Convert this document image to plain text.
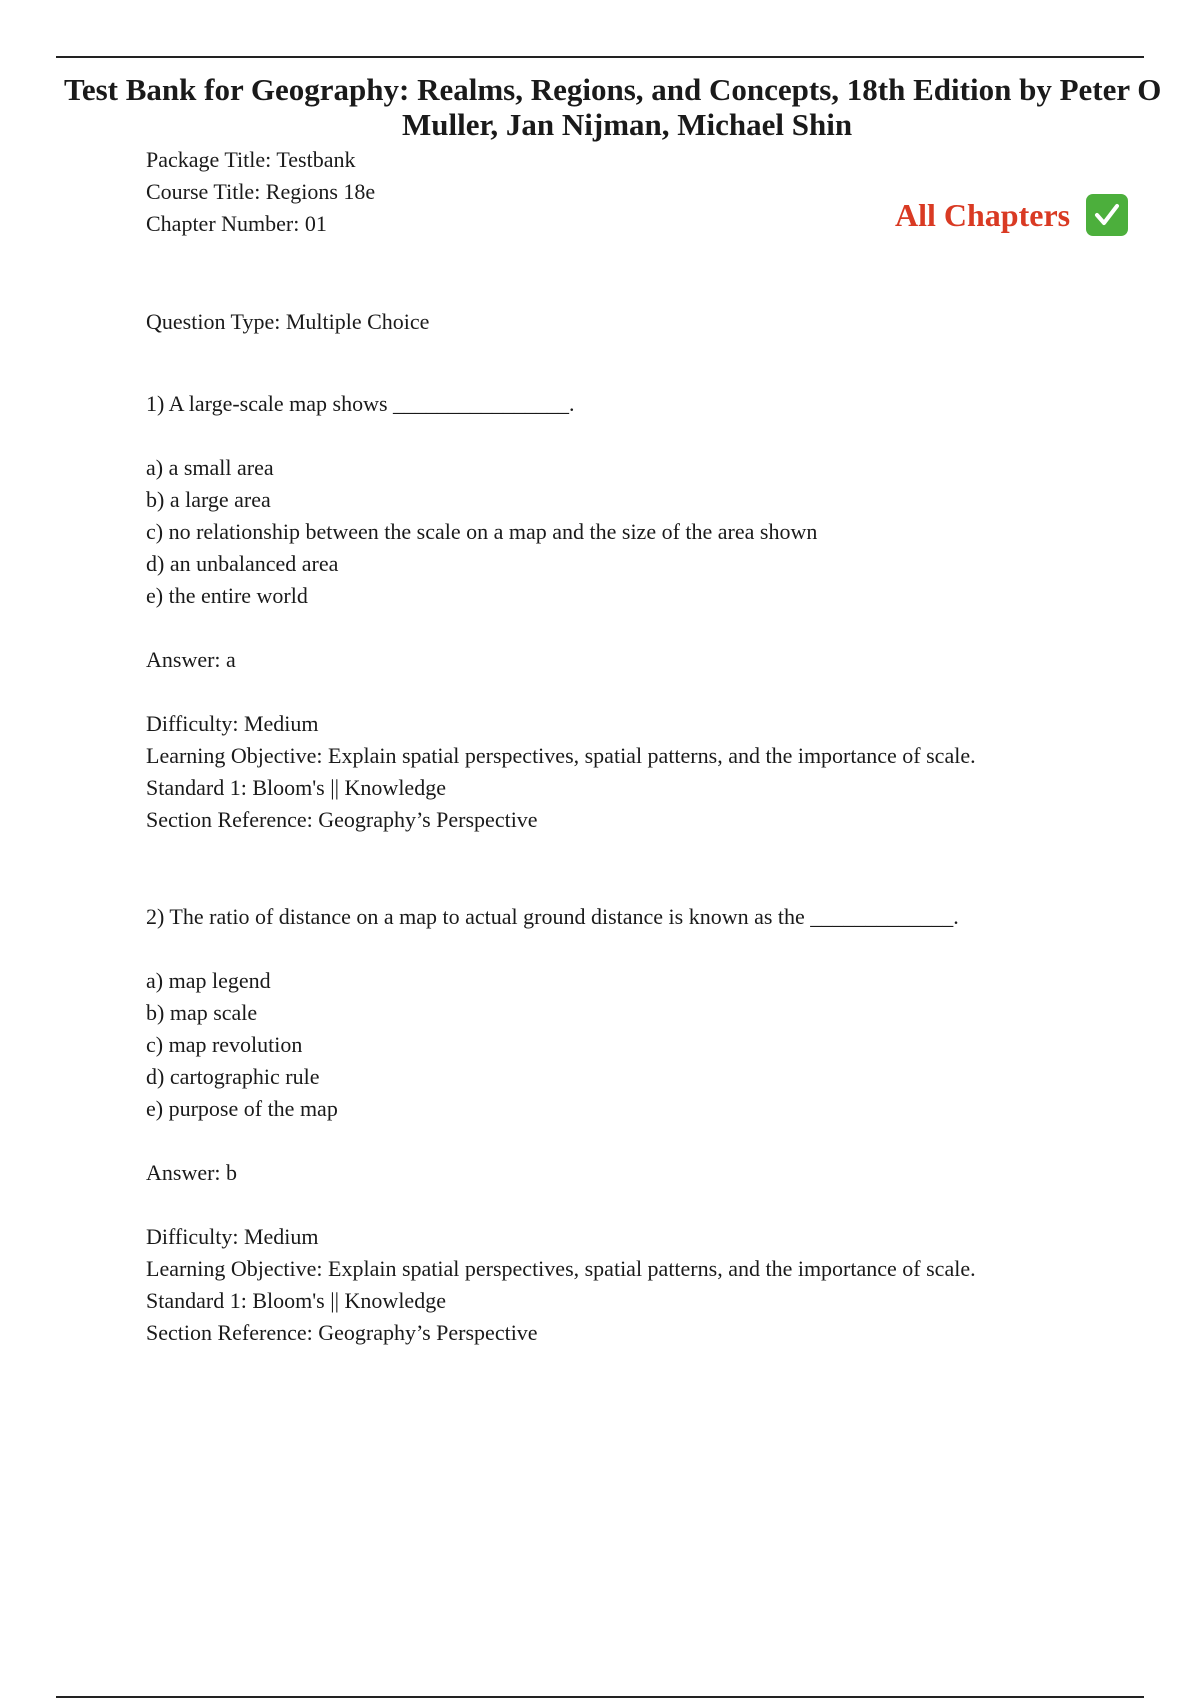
Test Bank for Geography: Realms, Regions, and Concepts, 18th Edition by Peter O
Muller, Jan Nijman, Michael Shin
Package Title: Testbank
Course Title: Regions 18e
Chapter Number: 01	All Chapters
Question Type: Multiple Choice
1) A large-scale map shows ________________.
a) a small area
b) a large area
c) no relationship between the scale on a map and the size of the area shown
d) an unbalanced area
e) the entire world
Answer: a
Difficulty: Medium
Learning Objective: Explain spatial perspectives, spatial patterns, and the importance of scale.
Standard 1: Bloom's || Knowledge
Section Reference: Geography’s Perspective
2) The ratio of distance on a map to actual ground distance is known as the _____________.
a) map legend
b) map scale
c) map revolution
d) cartographic rule
e) purpose of the map
Answer: b
Difficulty: Medium
Learning Objective: Explain spatial perspectives, spatial patterns, and the importance of scale.
Standard 1: Bloom's || Knowledge
Section Reference: Geography’s Perspective
